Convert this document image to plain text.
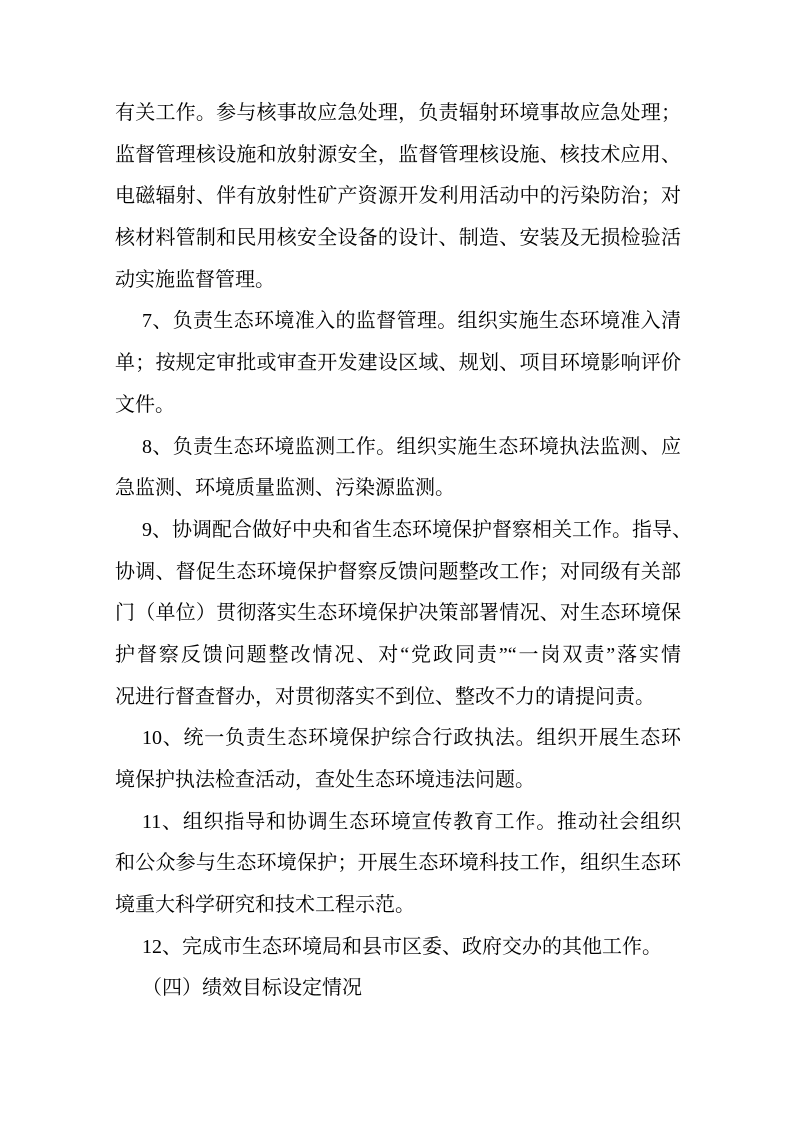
有关工作。参与核事故应急处理，负责辐射环境事故应急处理；
监督管理核设施和放射源安全，监督管理核设施、核技术应用、
电磁辐射、伴有放射性矿产资源开发利用活动中的污染防治；对
核材料管制和民用核安全设备的设计、制造、安装及无损检验活
动实施监督管理。
7、负责生态环境准入的监督管理。组织实施生态环境准入清
单；按规定审批或审查开发建设区域、规划、项目环境影响评价
文件。
8、负责生态环境监测工作。组织实施生态环境执法监测、应
急监测、环境质量监测、污染源监测。
9、协调配合做好中央和省生态环境保护督察相关工作。指导、
协调、督促生态环境保护督察反馈问题整改工作；对同级有关部
门（单位）贯彻落实生态环境保护决策部署情况、对生态环境保
护督察反馈问题整改情况、对“党政同责”“一岗双责”落实情
况进行督查督办，对贯彻落实不到位、整改不力的请提问责。
10、统一负责生态环境保护综合行政执法。组织开展生态环
境保护执法检查活动，查处生态环境违法问题。
11、组织指导和协调生态环境宣传教育工作。推动社会组织
和公众参与生态环境保护；开展生态环境科技工作，组织生态环
境重大科学研究和技术工程示范。
12、完成市生态环境局和县市区委、政府交办的其他工作。
（四）绩效目标设定情况
